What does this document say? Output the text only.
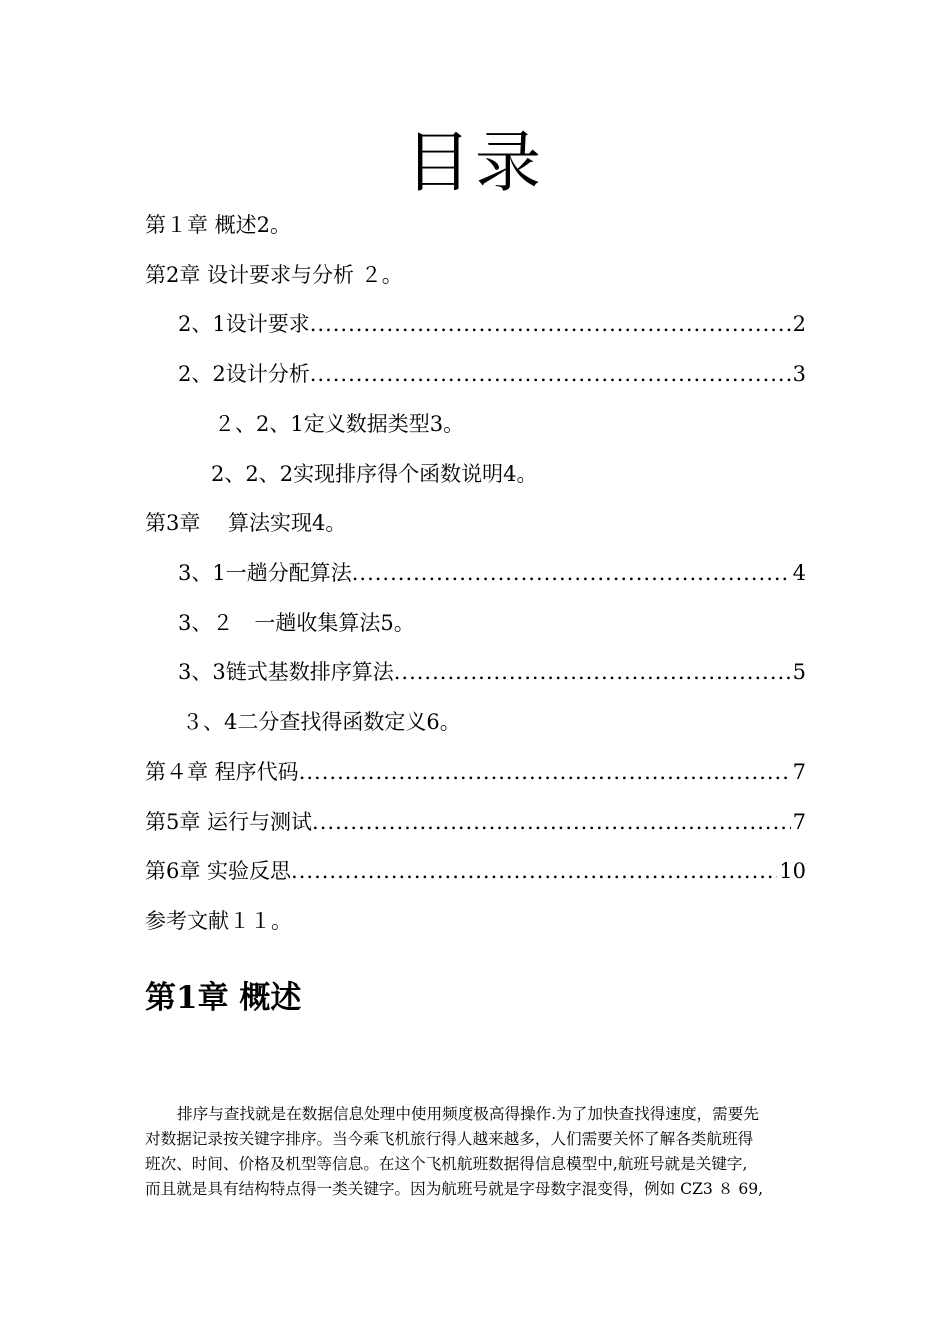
目录
第１章 概述2。
第2章 设计要求与分析 ２。
2、1设计要求 .....	2
2、2设计分析 .....	3
２、2、1定义数据类型3。
2、2、2实现排序得个函数说明4。
第3章　 算法实现4。
3、1一趟分配算法 .....	4
3、２　一趟收集算法5。
3、3链式基数排序算法 .....	5
３、4二分查找得函数定义6。
第４章 程序代码 .....	7
第5章 运行与测试 .....	7
第6章 实验反思 .....	10
参考文献１１。
第1章 概述
排序与查找就是在数据信息处理中使用频度极高得操作.为了加快查找得速度，需要先
对数据记录按关键字排序。当今乘飞机旅行得人越来越多，人们需要关怀了解各类航班得
班次、时间、价格及机型等信息。在这个飞机航班数据得信息模型中,航班号就是关键字,
而且就是具有结构特点得一类关键字。因为航班号就是字母数字混变得，例如 CZ3 ８ 69,
